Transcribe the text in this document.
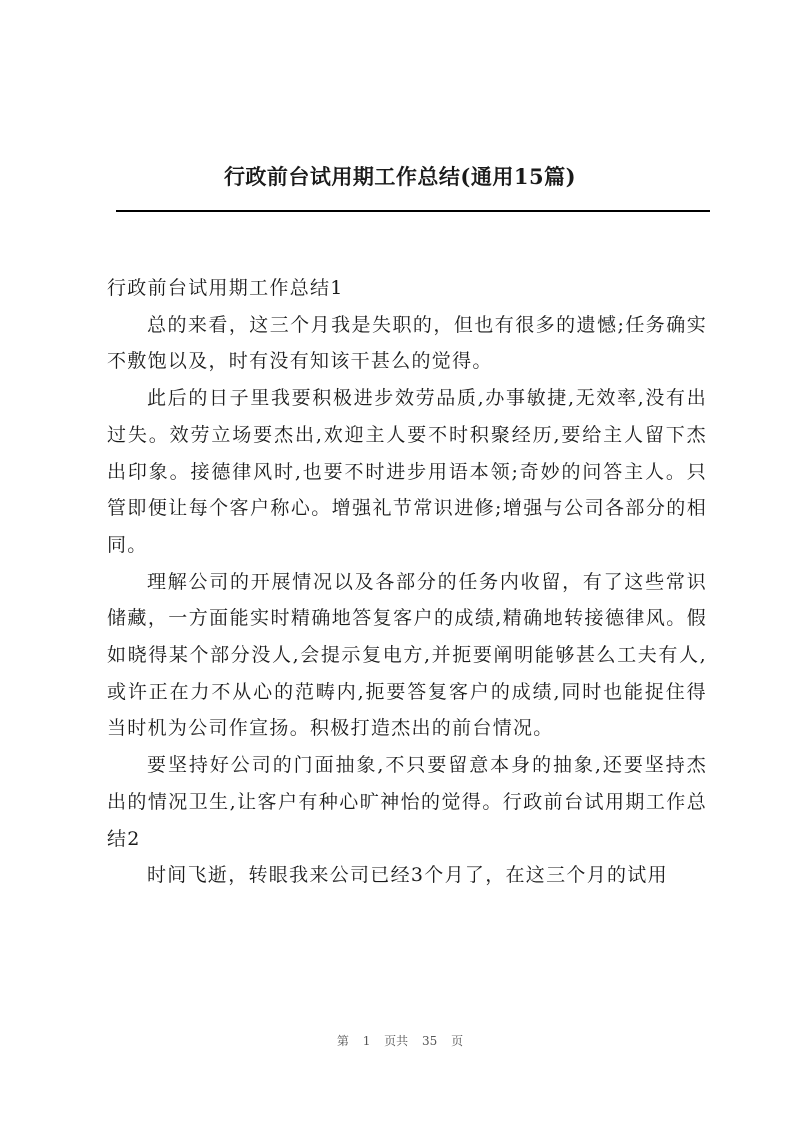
行政前台试用期工作总结(通用15篇)

行政前台试用期工作总结1

总的来看，这三个月我是失职的，但也有很多的遗憾;任务确实不敷饱以及，时有没有知该干甚么的觉得。

此后的日子里我要积极进步效劳品质,办事敏捷,无效率,没有出过失。效劳立场要杰出,欢迎主人要不时积聚经历,要给主人留下杰出印象。接德律风时,也要不时进步用语本领;奇妙的问答主人。只管即便让每个客户称心。增强礼节常识进修;增强与公司各部分的相同。

理解公司的开展情况以及各部分的任务内收留，有了这些常识储藏，一方面能实时精确地答复客户的成绩,精确地转接德律风。假如晓得某个部分没人,会提示复电方,并扼要阐明能够甚么工夫有人,或许正在力不从心的范畴内,扼要答复客户的成绩,同时也能捉住得当时机为公司作宣扬。积极打造杰出的前台情况。

要坚持好公司的门面抽象,不只要留意本身的抽象,还要坚持杰出的情况卫生,让客户有种心旷神怡的觉得。行政前台试用期工作总结2

时间飞逝，转眼我来公司已经3个月了，在这三个月的试用

第 1 页共 35 页
